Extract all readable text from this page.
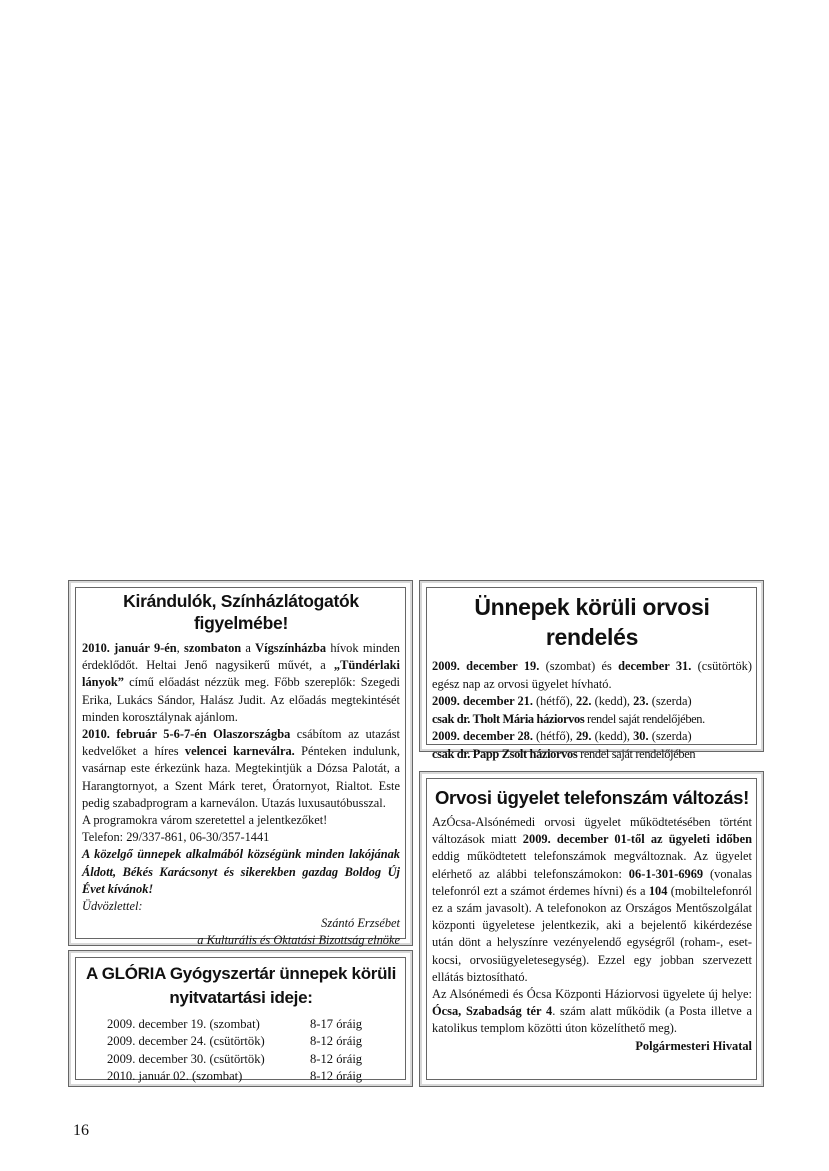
Kirándulók, Színházlátogatók figyelmébe!

2010. január 9-én, szombaton a Vígszínházba hívok minden érdeklődőt. Heltai Jenő nagysikerű művét, a „Tündérlaki lányok” című előadást nézzük meg. Főbb szereplők: Szegedi Erika, Lukács Sándor, Halász Judit. Az előadás megtekintését minden korosztálynak ajánlom.

2010. február 5-6-7-én Olaszországba csábítom az utazást kedvelőket a híres velencei karneválra. Pénteken indulunk, vasárnap este érkezünk haza. Megtekintjük a Dózsa Palotát, a Harangtornyot, a Szent Márk teret, Óratornyot, Rialtot. Este pedig szabadprogram a karneválon. Utazás luxusautóbusszal.

A programokra várom szeretettel a jelentkezőket!

Telefon: 29/337-861, 06-30/357-1441

A közelgő ünnepek alkalmából községünk minden lakójának Áldott, Békés Karácsonyt és sikerekben gazdag Boldog Új Évet kívánok!

Üdvözlettel:

Szántó Erzsébet

a Kulturális és Oktatási Bizottság elnöke

A GLÓRIA Gyógyszertár ünnepek körüli
nyitvatartási ideje:
2009. december 19. (szombat)	8-17 óráig
2009. december 24. (csütörtök)	8-12 óráig
2009. december 30. (csütörtök)	8-12 óráig
2010. január 02. (szombat)	8-12 óráig
Ünnepek körüli orvosi rendelés

2009. december 19. (szombat) és december 31. (csütörtök) egész nap az orvosi ügyelet hívható.

2009. december 21. (hétfő), 22. (kedd), 23. (szerda)

csak dr. Tholt Mária háziorvos rendel saját rendelőjében.

2009. december 28. (hétfő), 29. (kedd), 30. (szerda)

csak dr. Papp Zsolt háziorvos rendel saját rendelőjében

Orvosi ügyelet telefonszám változás!

AzÓcsa-Alsónémedi orvosi ügyelet működtetésében történt változások miatt 2009. december 01-től az ügyeleti időben eddig működtetett telefonszámok megváltoznak. Az ügyelet elérhető az alábbi telefonszámokon: 06-1-301-6969 (vonalas telefonról ezt a számot érdemes hívni) és a 104 (mobiltelefonról ez a szám javasolt). A telefonokon az Országos Mentőszolgálat központi ügyeletese jelentkezik, aki a bejelentő kikérdezése után dönt a helyszínre vezényelendő egységről (roham-, eset-kocsi, orvosiügyeletesegység). Ezzel egy jobban szervezett ellátás biztosítható.

Az Alsónémedi és Ócsa Központi Háziorvosi ügyelete új helye: Ócsa, Szabadság tér 4. szám alatt működik (a Posta illetve a katolikus templom közötti úton közelíthető meg).

Polgármesteri Hivatal

16
